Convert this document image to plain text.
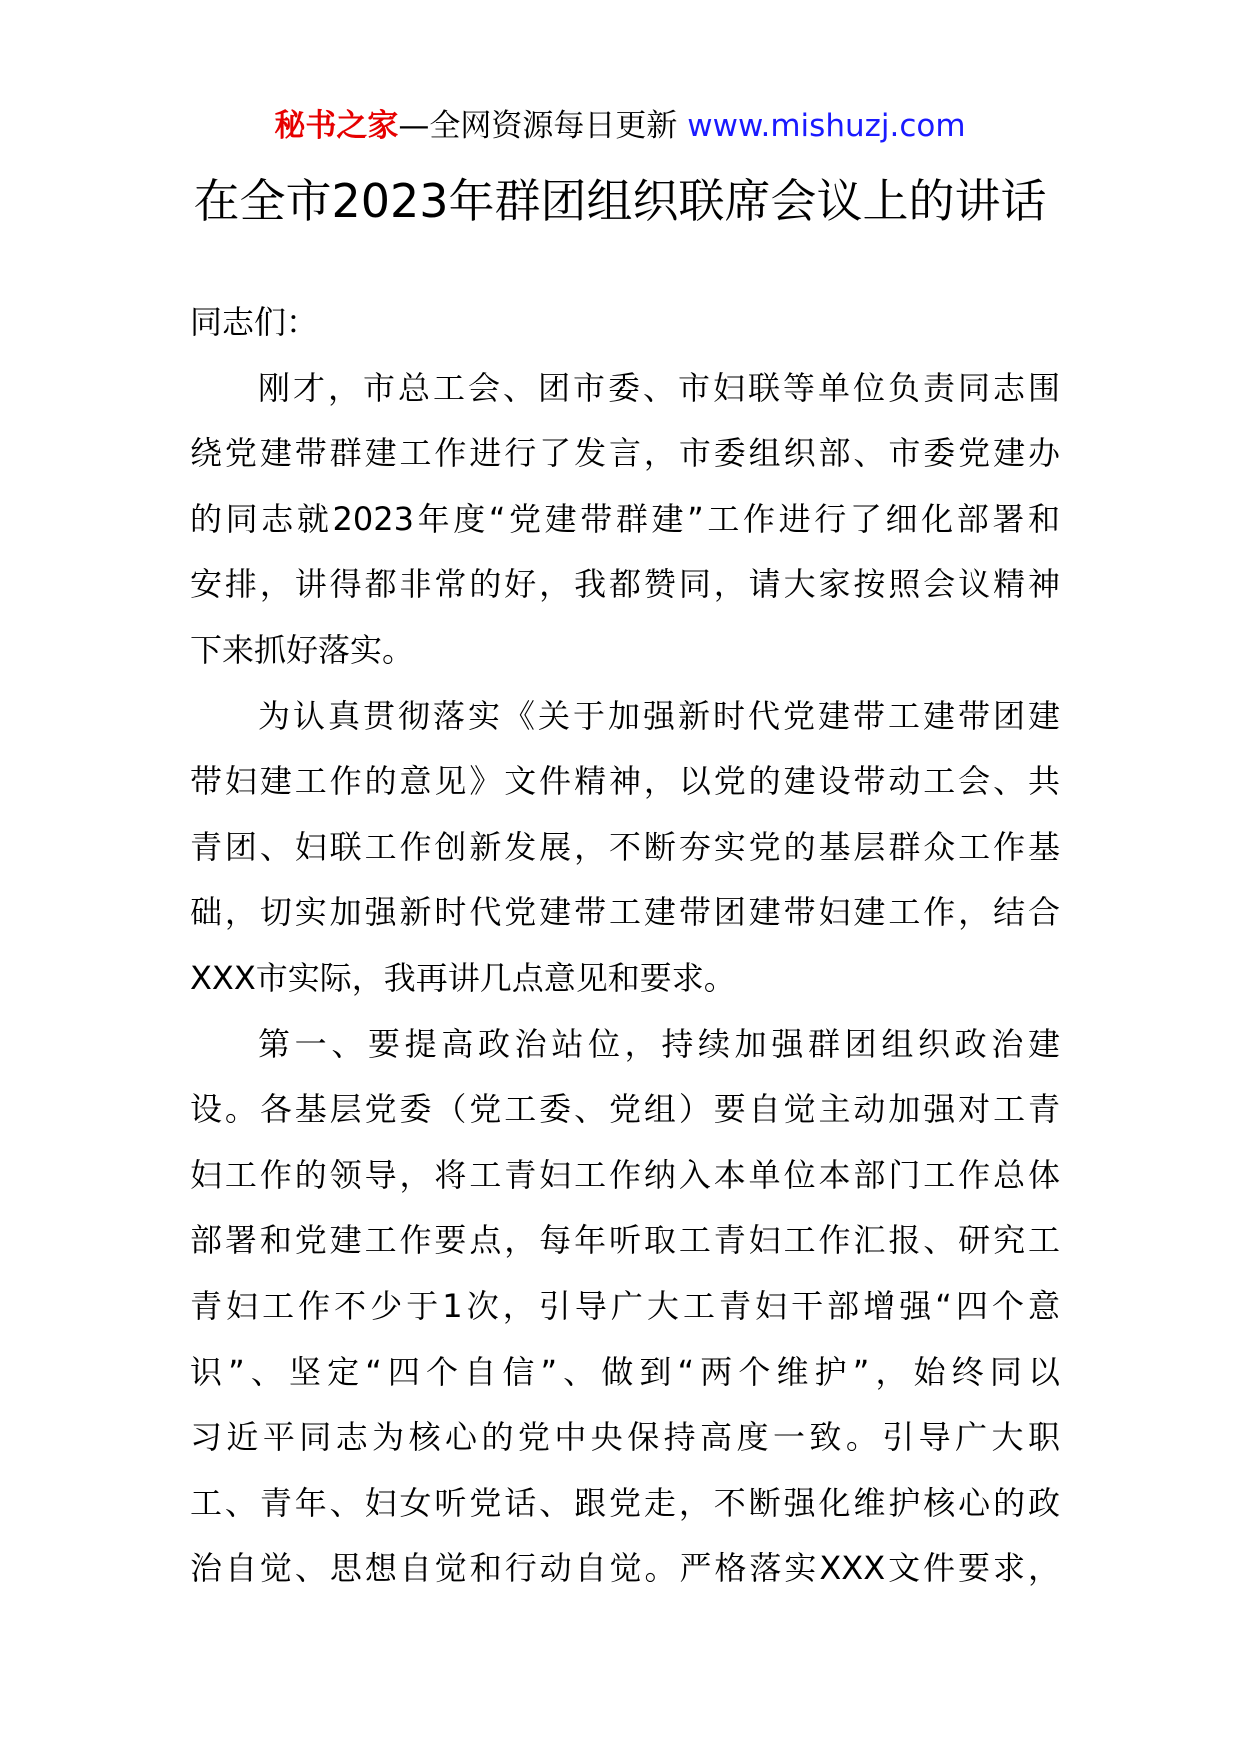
秘书之家—全网资源每日更新 www.mishuzj.com
在全市2023年群团组织联席会议上的讲话
同志们：
刚才，市总工会、团市委、市妇联等单位负责同志围
绕党建带群建工作进行了发言，市委组织部、市委党建办
的同志就2023年度“党建带群建”工作进行了细化部署和
安排，讲得都非常的好，我都赞同，请大家按照会议精神
下来抓好落实。
为认真贯彻落实《关于加强新时代党建带工建带团建
带妇建工作的意见》文件精神，以党的建设带动工会、共
青团、妇联工作创新发展，不断夯实党的基层群众工作基
础，切实加强新时代党建带工建带团建带妇建工作，结合
XXX市实际，我再讲几点意见和要求。
第一、要提高政治站位，持续加强群团组织政治建
设。各基层党委（党工委、党组）要自觉主动加强对工青
妇工作的领导，将工青妇工作纳入本单位本部门工作总体
部署和党建工作要点，每年听取工青妇工作汇报、研究工
青妇工作不少于1次，引导广大工青妇干部增强“四个意
识”、坚定“四个自信”、做到“两个维护”，始终同以
习近平同志为核心的党中央保持高度一致。引导广大职
工、青年、妇女听党话、跟党走，不断强化维护核心的政
治自觉、思想自觉和行动自觉。严格落实XXX文件要求，
